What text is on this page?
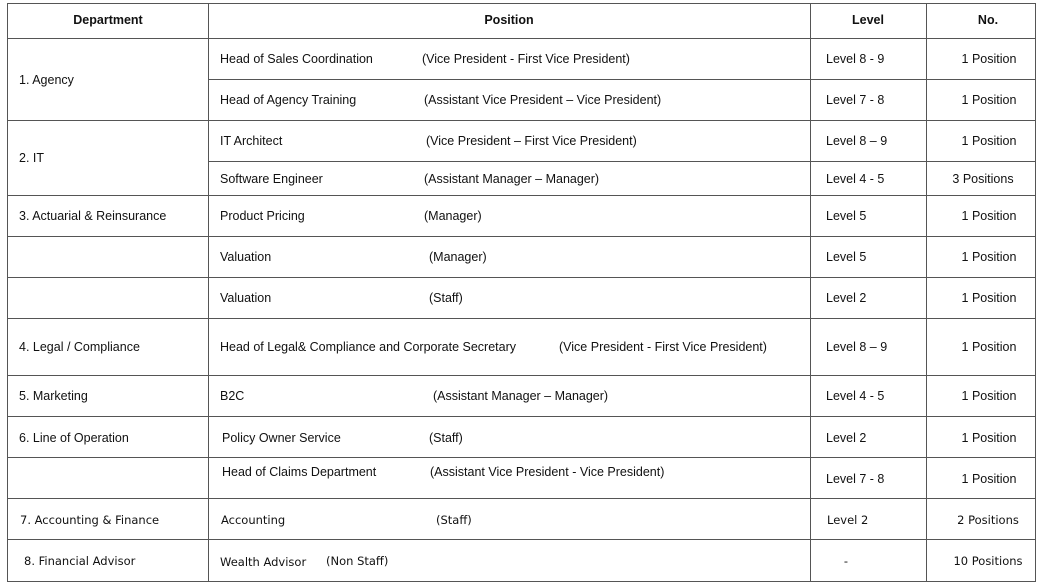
Department	Position	Level	No.
1. Agency
Head of Sales Coordination	(Vice President - First Vice President)	Level 8 - 9	1 Position
Head of Agency Training	(Assistant Vice President – Vice President)	Level 7 - 8	1 Position
2. IT
IT Architect	(Vice President – First Vice President)	Level 8 – 9	1 Position
Software Engineer	(Assistant Manager – Manager)	Level 4 - 5	3 Positions
3. Actuarial & Reinsurance	Product Pricing	(Manager)	Level 5	1 Position
Valuation	(Manager)	Level 5	1 Position
Valuation	(Staff)	Level 2	1 Position
4. Legal / Compliance	Head of Legal& Compliance and Corporate Secretary	(Vice President - First Vice President)	Level 8 – 9	1 Position
5. Marketing	B2C	(Assistant Manager – Manager)	Level 4 - 5	1 Position
6. Line of Operation	Policy Owner Service	(Staff)	Level 2	1 Position
Head of Claims Department	(Assistant Vice President - Vice President)	Level 7 - 8	1 Position
7. Accounting & Finance	Accounting	(Staff)	Level 2	2 Positions
8. Financial Advisor	Wealth Advisor (Non Staff)	-	10 Positions
